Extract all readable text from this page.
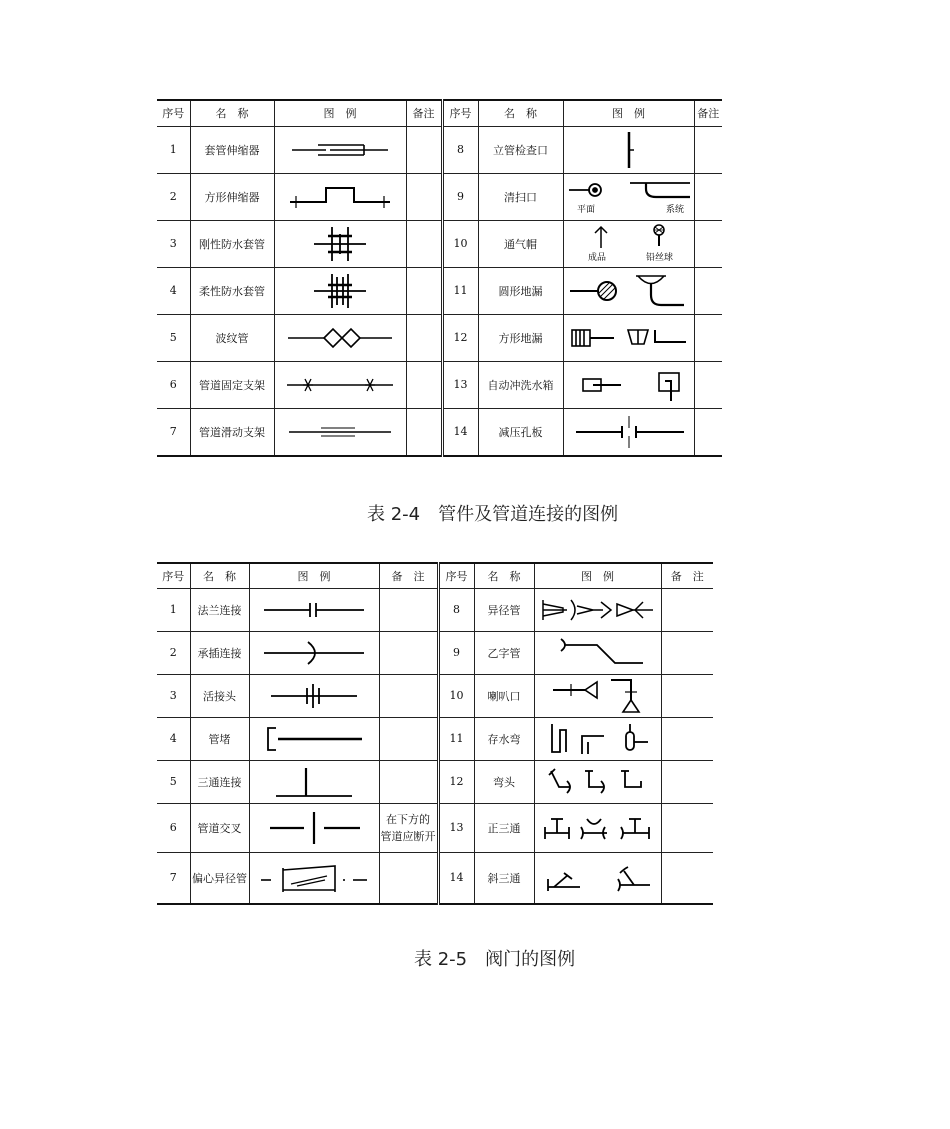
序号	名　称	图　例	备注	序号	名　称	图　例	备注
1	套管伸缩器			8	立管检查口	

2	方形伸缩器			9	清扫口	平面 系统	

3	刚性防水套管			10	通气帽	成品 铅丝球	

4	柔性防水套管			11	圆形地漏	

5	波纹管			12	方形地漏	

6	管道固定支架			13	自动冲洗水箱	

7	管道滑动支架			14	减压孔板	

表 2-4　管件及管道连接的图例
序号	名　称	图　例	备　注	序号	名　称	图　例	备　注
1	法兰连接			8	异径管	

2	承插连接			9	乙字管	

3	活接头			10	喇叭口	

4	管堵			11	存水弯	

5	三通连接			12	弯头	

6	管道交叉		在下方的
管道应断开	13	正三通	

7	偏心异径管			14	斜三通	

表 2-5　阀门的图例
